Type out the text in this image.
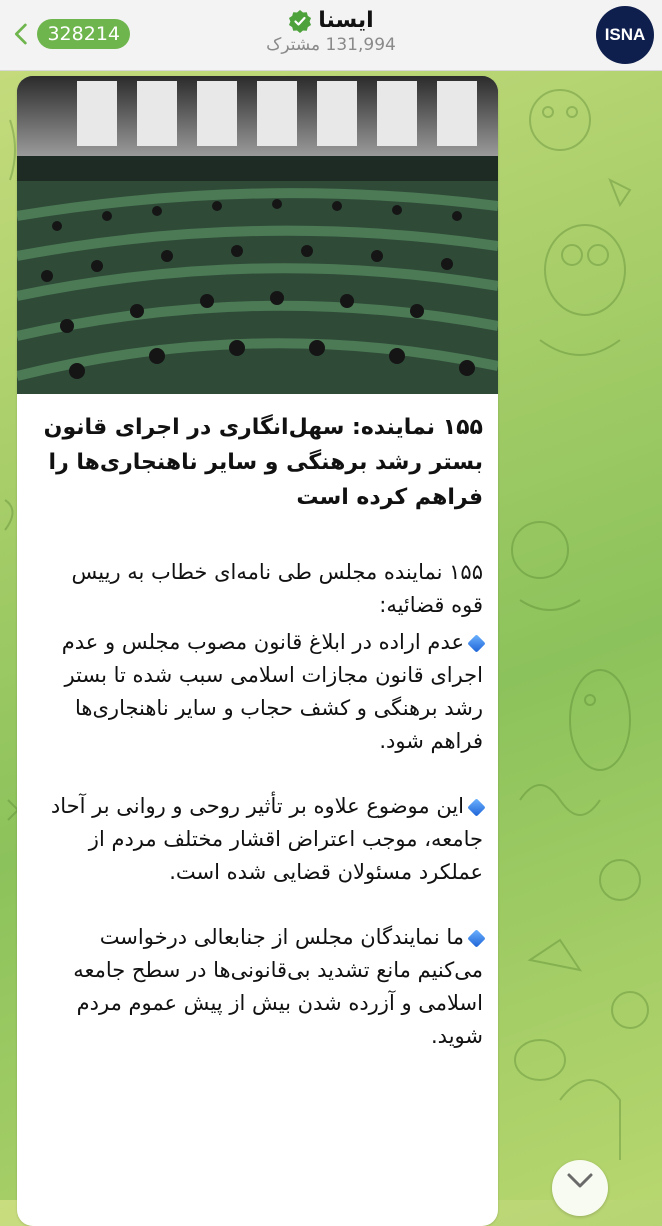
328214
ایسنا
131,994 مشترک
ISNA
۱۵۵ نماینده: سهل‌انگاری در اجرای قانون بستر رشد برهنگی و سایر ناهنجاری‌ها را فراهم کرده است

۱۵۵ نماینده مجلس طی نامه‌ای خطاب به رییس قوه قضائیه:

عدم اراده در ابلاغ قانون مصوب مجلس و عدم اجرای قانون مجازات اسلامی سبب شده تا بستر رشد برهنگی و کشف حجاب و سایر ناهنجاری‌ها فراهم شود.

این موضوع علاوه بر تأثیر روحی و روانی بر آحاد جامعه، موجب اعتراض اقشار مختلف مردم از عملکرد مسئولان قضایی شده است.

ما نمایندگان مجلس از جنابعالی درخواست می‌کنیم مانع تشدید بی‌قانونی‌ها در سطح جامعه اسلامی و آزرده شدن بیش از پیش عموم مردم شوید.
